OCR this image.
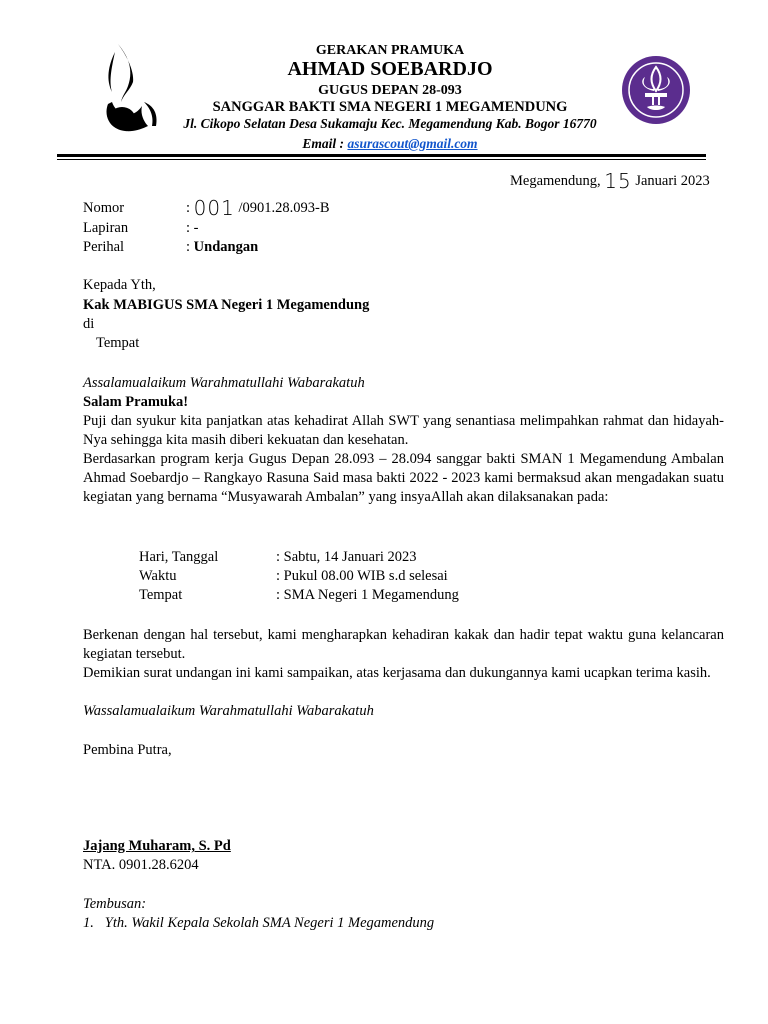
GERAKAN PRAMUKA
AHMAD SOEBARDJO
GUGUS DEPAN 28-093
SANGGAR BAKTI SMA NEGERI 1 MEGAMENDUNG
Jl. Cikopo Selatan Desa Sukamaju Kec. Megamendung Kab. Bogor 16770
Email : asurascout@gmail.com
Megamendung, 15 Januari 2023
Nomor	: 001 /0901.28.093-B
Lapiran	: -
Perihal	: Undangan
Kepada Yth,
Kak MABIGUS SMA Negeri 1 Megamendung
di
Tempat
Assalamualaikum Warahmatullahi Wabarakatuh
Salam Pramuka!

Puji dan syukur kita panjatkan atas kehadirat Allah SWT yang senantiasa melimpahkan rahmat dan hidayah-Nya sehingga kita masih diberi kekuatan dan kesehatan.

Berdasarkan program kerja Gugus Depan 28.093 – 28.094 sanggar bakti SMAN 1 Megamendung Ambalan Ahmad Soebardjo – Rangkayo Rasuna Said masa bakti 2022 - 2023 kami bermaksud akan mengadakan suatu kegiatan yang bernama “Musyawarah Ambalan” yang insyaAllah akan dilaksanakan pada:

Hari, Tanggal	: Sabtu, 14 Januari 2023
Waktu	: Pukul 08.00 WIB s.d selesai
Tempat	: SMA Negeri 1 Megamendung

Berkenan dengan hal tersebut, kami mengharapkan kehadiran kakak dan hadir tepat waktu guna kelancaran kegiatan tersebut.

Demikian surat undangan ini kami sampaikan, atas kerjasama dan dukungannya kami ucapkan terima kasih.

Wassalamualaikum Warahmatullahi Wabarakatuh
Pembina Putra,
Jajang Muharam, S. Pd
NTA. 0901.28.6204
Tembusan:
1.   Yth. Wakil Kepala Sekolah SMA Negeri 1 Megamendung
